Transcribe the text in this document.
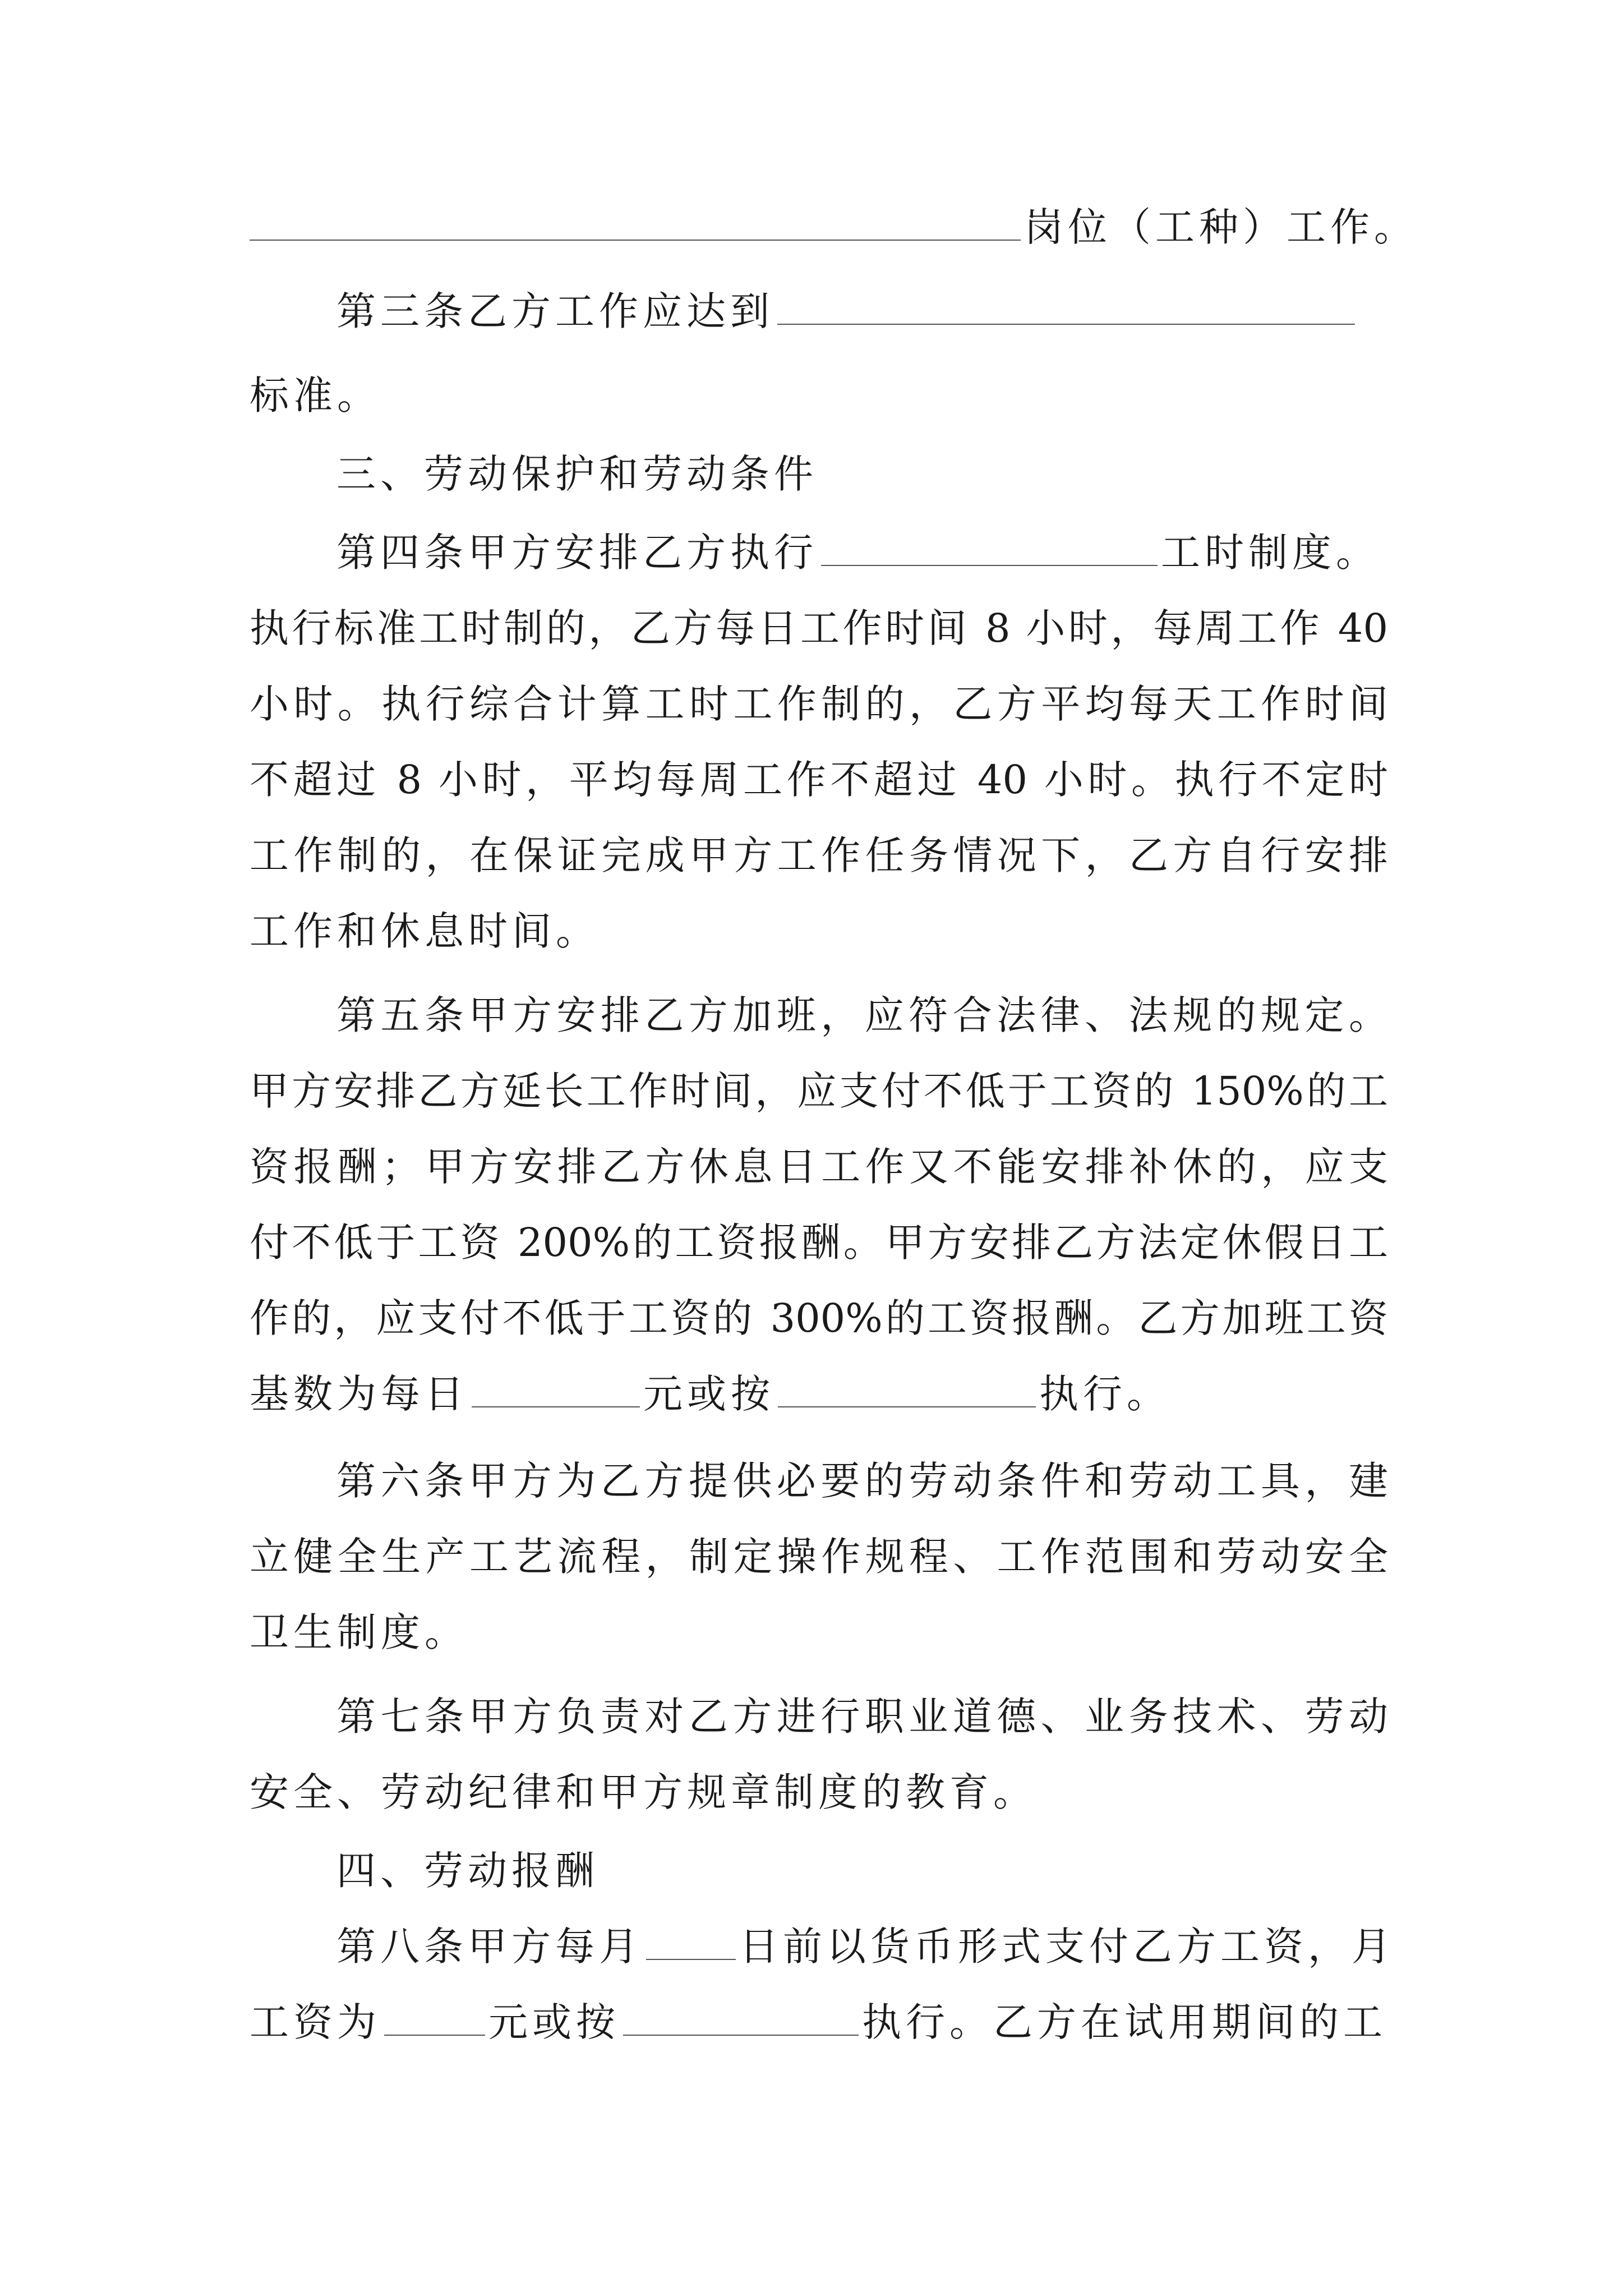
岗位（工种）工作。
第三条乙方工作应达到
标准。
三、劳动保护和劳动条件
第四条甲方安排乙方执行	工时制度。
执行标准工时制的，乙方每日工作时间 8 小时，每周工作 40
小时。执行综合计算工时工作制的，乙方平均每天工作时间
不超过 8 小时，平均每周工作不超过 40 小时。执行不定时
工作制的，在保证完成甲方工作任务情况下，乙方自行安排
工作和休息时间。
第五条甲方安排乙方加班，应符合法律、法规的规定。
甲方安排乙方延长工作时间，应支付不低于工资的 150%的工
资报酬；甲方安排乙方休息日工作又不能安排补休的，应支
付不低于工资 200%的工资报酬。甲方安排乙方法定休假日工
作的，应支付不低于工资的 300%的工资报酬。乙方加班工资
基数为每日	元或按	执行。
第六条甲方为乙方提供必要的劳动条件和劳动工具，建
立健全生产工艺流程，制定操作规程、工作范围和劳动安全
卫生制度。
第七条甲方负责对乙方进行职业道德、业务技术、劳动
安全、劳动纪律和甲方规章制度的教育。
四、劳动报酬
第八条甲方每月 日前以货币形式支付乙方工资，月
工资为	元或按	执行。乙方在试用期间的工
